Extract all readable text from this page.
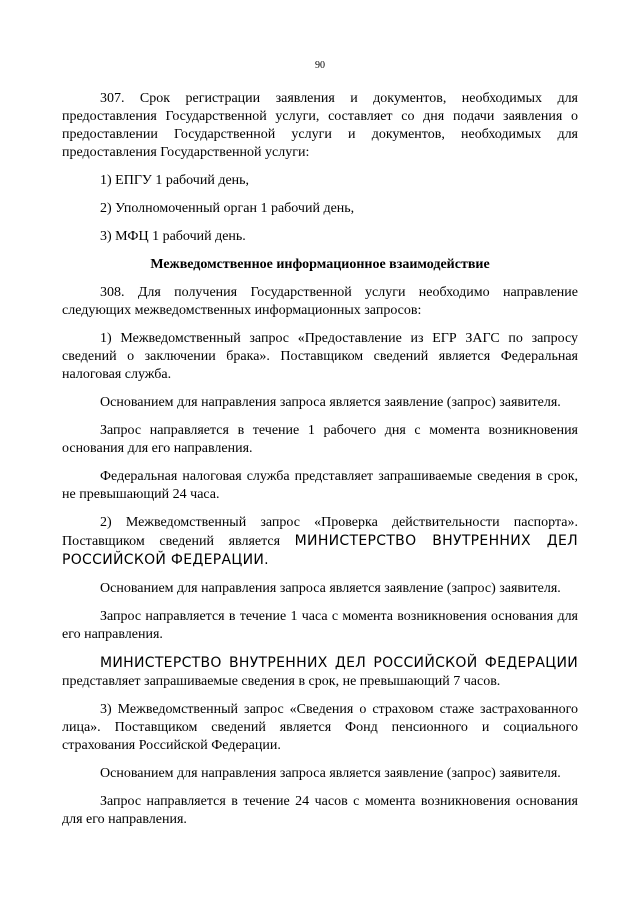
90

307. Срок регистрации заявления и документов, необходимых для предоставления Государственной услуги, составляет со дня подачи заявления о предоставлении Государственной услуги и документов, необходимых для предоставления Государственной услуги:

1) ЕПГУ 1 рабочий день,

2) Уполномоченный орган 1 рабочий день,

3) МФЦ 1 рабочий день.

Межведомственное информационное взаимодействие

308. Для получения Государственной услуги необходимо направление следующих межведомственных информационных запросов:

1) Межведомственный запрос «Предоставление из ЕГР ЗАГС по запросу сведений о заключении брака». Поставщиком сведений является Федеральная налоговая служба.

Основанием для направления запроса является заявление (запрос) заявителя.

Запрос направляется в течение 1 рабочего дня с момента возникновения основания для его направления.

Федеральная налоговая служба представляет запрашиваемые сведения в срок, не превышающий 24 часа.

2) Межведомственный запрос «Проверка действительности паспорта». Поставщиком сведений является МИНИСТЕРСТВО ВНУТРЕННИХ ДЕЛ РОССИЙСКОЙ ФЕДЕРАЦИИ.

Основанием для направления запроса является заявление (запрос) заявителя.

Запрос направляется в течение 1 часа с момента возникновения основания для его направления.

МИНИСТЕРСТВО ВНУТРЕННИХ ДЕЛ РОССИЙСКОЙ ФЕДЕРАЦИИ представляет запрашиваемые сведения в срок, не превышающий 7 часов.

3) Межведомственный запрос «Сведения о страховом стаже застрахованного лица». Поставщиком сведений является Фонд пенсионного и социального страхования Российской Федерации.

Основанием для направления запроса является заявление (запрос) заявителя.

Запрос направляется в течение 24 часов с момента возникновения основания для его направления.
